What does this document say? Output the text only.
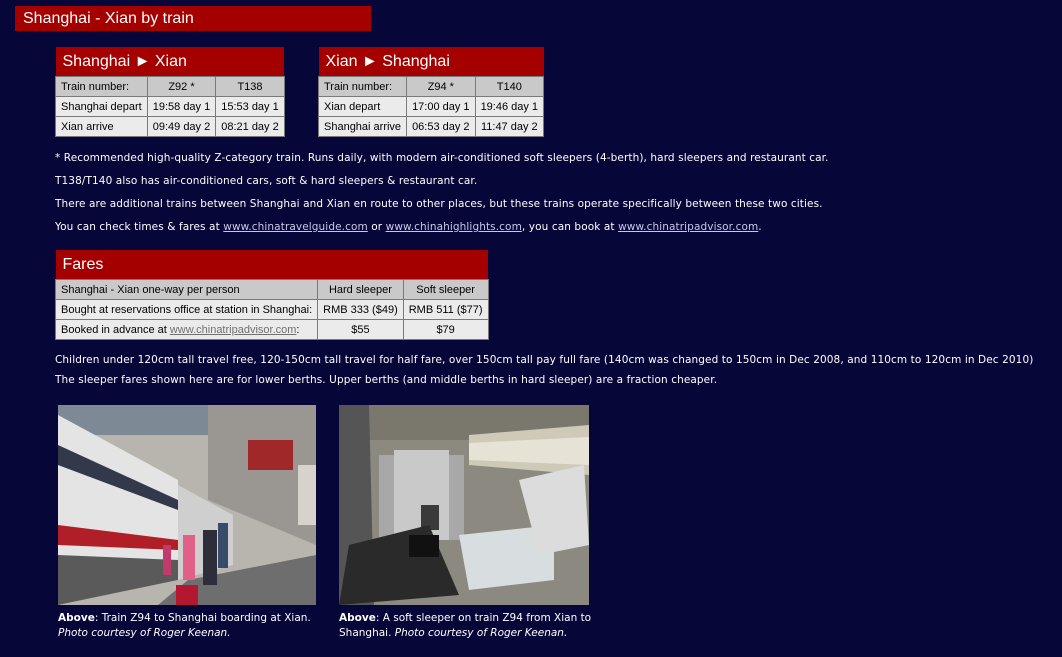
Shanghai - Xian by train
Shanghai ► Xian		
Train number:	Z92 *	T138
Shanghai depart	19:58 day 1	15:53 day 1
Xian arrive	09:49 day 2	08:21 day 2
Xian ► Shanghai		
Train number:	Z94 *	T140
Xian depart	17:00 day 1	19:46 day 1
Shanghai arrive	06:53 day 2	11:47 day 2
* Recommended high-quality Z-category train. Runs daily, with modern air-conditioned soft sleepers (4-berth), hard sleepers and restaurant car.
T138/T140 also has air-conditioned cars, soft & hard sleepers & restaurant car.
There are additional trains between Shanghai and Xian en route to other places, but these trains operate specifically between these two cities.
You can check times & fares at www.chinatravelguide.com or www.chinahighlights.com, you can book at www.chinatripadvisor.com.
Fares		
Shanghai - Xian one-way per person	Hard sleeper	Soft sleeper
Bought at reservations office at station in Shanghai:	RMB 333 ($49)	RMB 511 ($77)
Booked in advance at www.chinatripadvisor.com:	$55	$79
Children under 120cm tall travel free, 120-150cm tall travel for half fare, over 150cm tall pay full fare (140cm was changed to 150cm in Dec 2008, and 110cm to 120cm in Dec 2010)
The sleeper fares shown here are for lower berths. Upper berths (and middle berths in hard sleeper) are a fraction cheaper.
Above: Train Z94 to Shanghai boarding at Xian. Photo courtesy of Roger Keenan.
Above: A soft sleeper on train Z94 from Xian to Shanghai. Photo courtesy of Roger Keenan.
